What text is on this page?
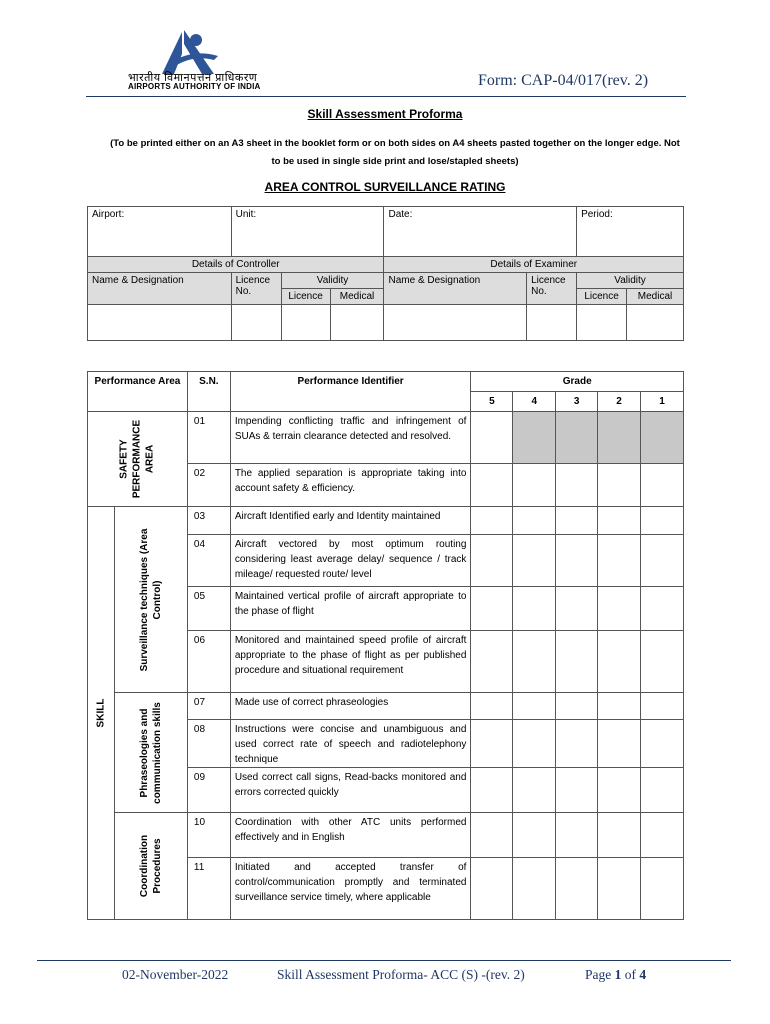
भारतीय विमानपत्तन प्राधिकरण
AIRPORTS AUTHORITY OF INDIA	Form: CAP-04/017(rev. 2)
Skill Assessment Proforma
(To be printed either on an A3 sheet in the booklet form or on both sides on A4 sheets pasted together on the longer edge. Not to be used in single side print and lose/stapled sheets)
AREA CONTROL SURVEILLANCE RATING
Airport:	Unit:			Date:		Period:	
Details of Controller				Details of Examiner			
Name & Designation	Licence No.	Validity		Name & Designation	Licence No.	Validity	
		Licence	Medical			Licence	Medical

Performance Area		S.N.	Performance Identifier	Grade				
				5	4	3	2	1

SAFETY PERFORMANCE AREA		01	Impending conflicting traffic and infringement of SUAs & terrain clearance detected and resolved.					
		02	The applied separation is appropriate taking into account safety & efficiency.					

SKILL	Surveillance techniques (Area Control)	03	Aircraft Identified early and Identity maintained					
		04	Aircraft vectored by most optimum routing considering least average delay/ sequence / track mileage/ requested route/ level					
		05	Maintained vertical profile of aircraft appropriate to the phase of flight					
		06	Monitored and maintained speed profile of aircraft appropriate to the phase of flight as per published procedure and situational requirement					

	Phraseologies and communication skills	07	Made use of correct phraseologies					
		08	Instructions were concise and unambiguous and used correct rate of speech and radiotelephony technique					
		09	Used correct call signs, Read-backs monitored and errors corrected quickly					

	Coordination Procedures	10	Coordination with other ATC units performed effectively and in English					
		11	Initiated and accepted transfer of control/communication promptly and terminated surveillance service timely, where applicable					
02-November-2022	Skill Assessment Proforma- ACC (S) -(rev. 2)	Page 1 of 4
